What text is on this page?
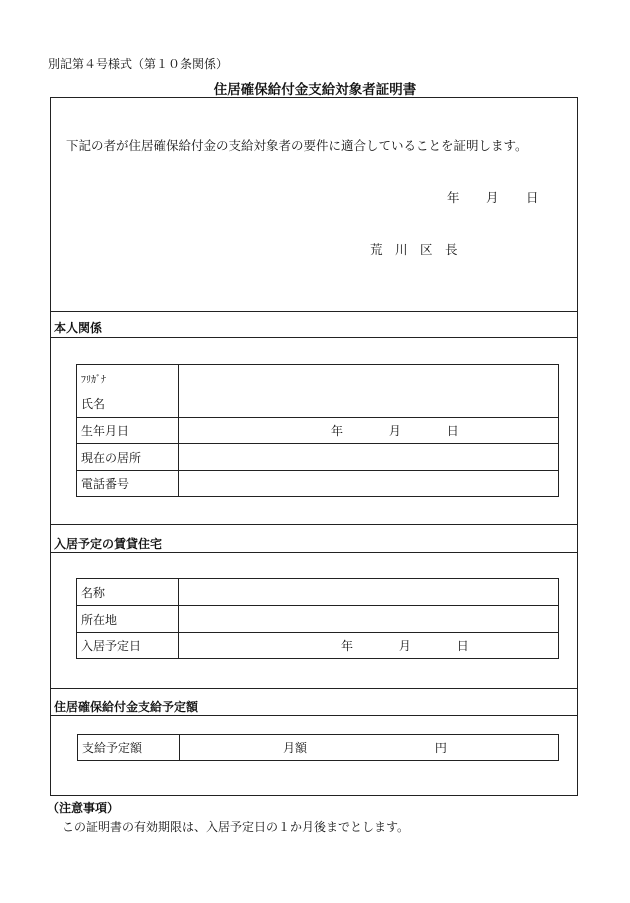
別記第４号様式（第１０条関係）
住居確保給付金支給対象者証明書
下記の者が住居確保給付金の支給対象者の要件に適合していることを証明します。
年 月 日
荒　川　区　長
本人関係
ﾌﾘｶﾞﾅ
氏名	

生年月日	年 月 日
現在の居所	
電話番号	
入居予定の賃貸住宅
名称	
所在地	
入居予定日	年 月 日
住居確保給付金支給予定額
支給予定額	月額	円
（注意事項）
この証明書の有効期限は、入居予定日の１か月後までとします。
